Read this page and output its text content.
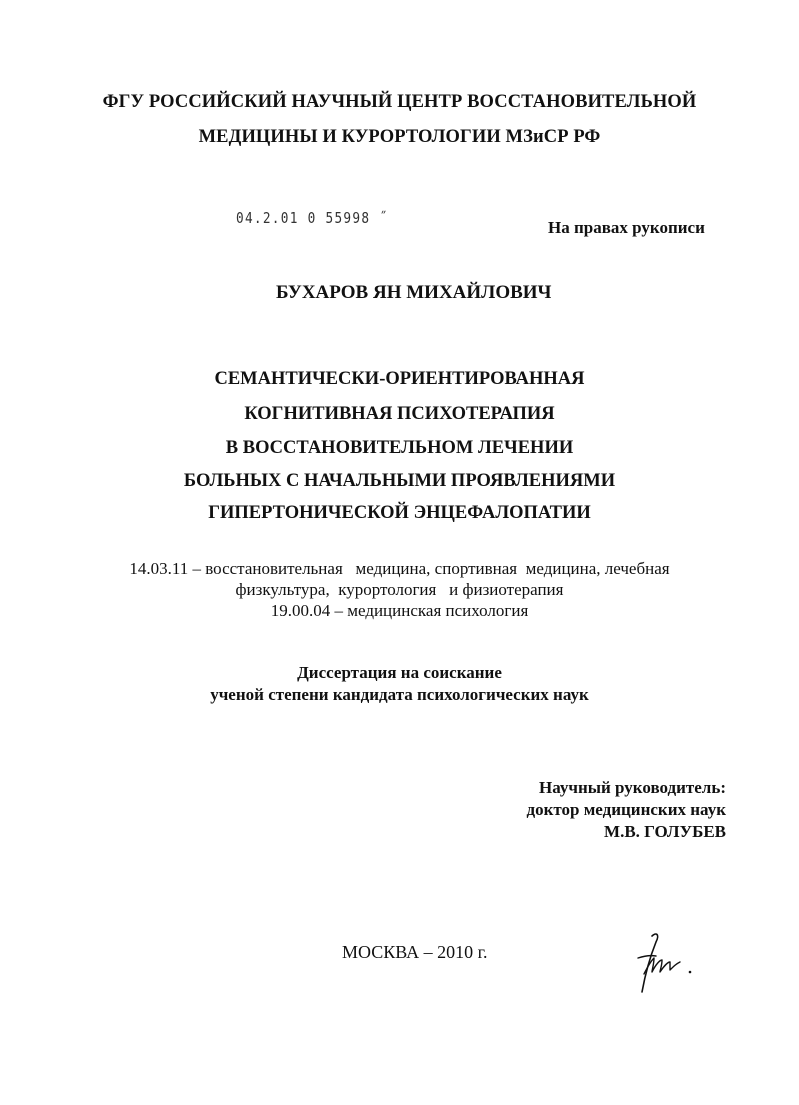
ФГУ РОССИЙСКИЙ НАУЧНЫЙ ЦЕНТР ВОССТАНОВИТЕЛЬНОЙ
МЕДИЦИНЫ И КУРОРТОЛОГИИ МЗиСР РФ
04.2.01 0 55998 ˝	На правах рукописи
БУХАРОВ ЯН МИХАЙЛОВИЧ
СЕМАНТИЧЕСКИ-ОРИЕНТИРОВАННАЯ
КОГНИТИВНАЯ ПСИХОТЕРАПИЯ
В ВОССТАНОВИТЕЛЬНОМ ЛЕЧЕНИИ
БОЛЬНЫХ С НАЧАЛЬНЫМИ ПРОЯВЛЕНИЯМИ
ГИПЕРТОНИЧЕСКОЙ ЭНЦЕФАЛОПАТИИ
14.03.11 – восстановительная   медицина, спортивная  медицина, лечебная
физкультура,  курортология   и физиотерапия
19.00.04 – медицинская психология
Диссертация на соискание
ученой степени кандидата психологических наук
Научный руководитель:
доктор медицинских наук
М.В. ГОЛУБЕВ
МОСКВА – 2010 г.
